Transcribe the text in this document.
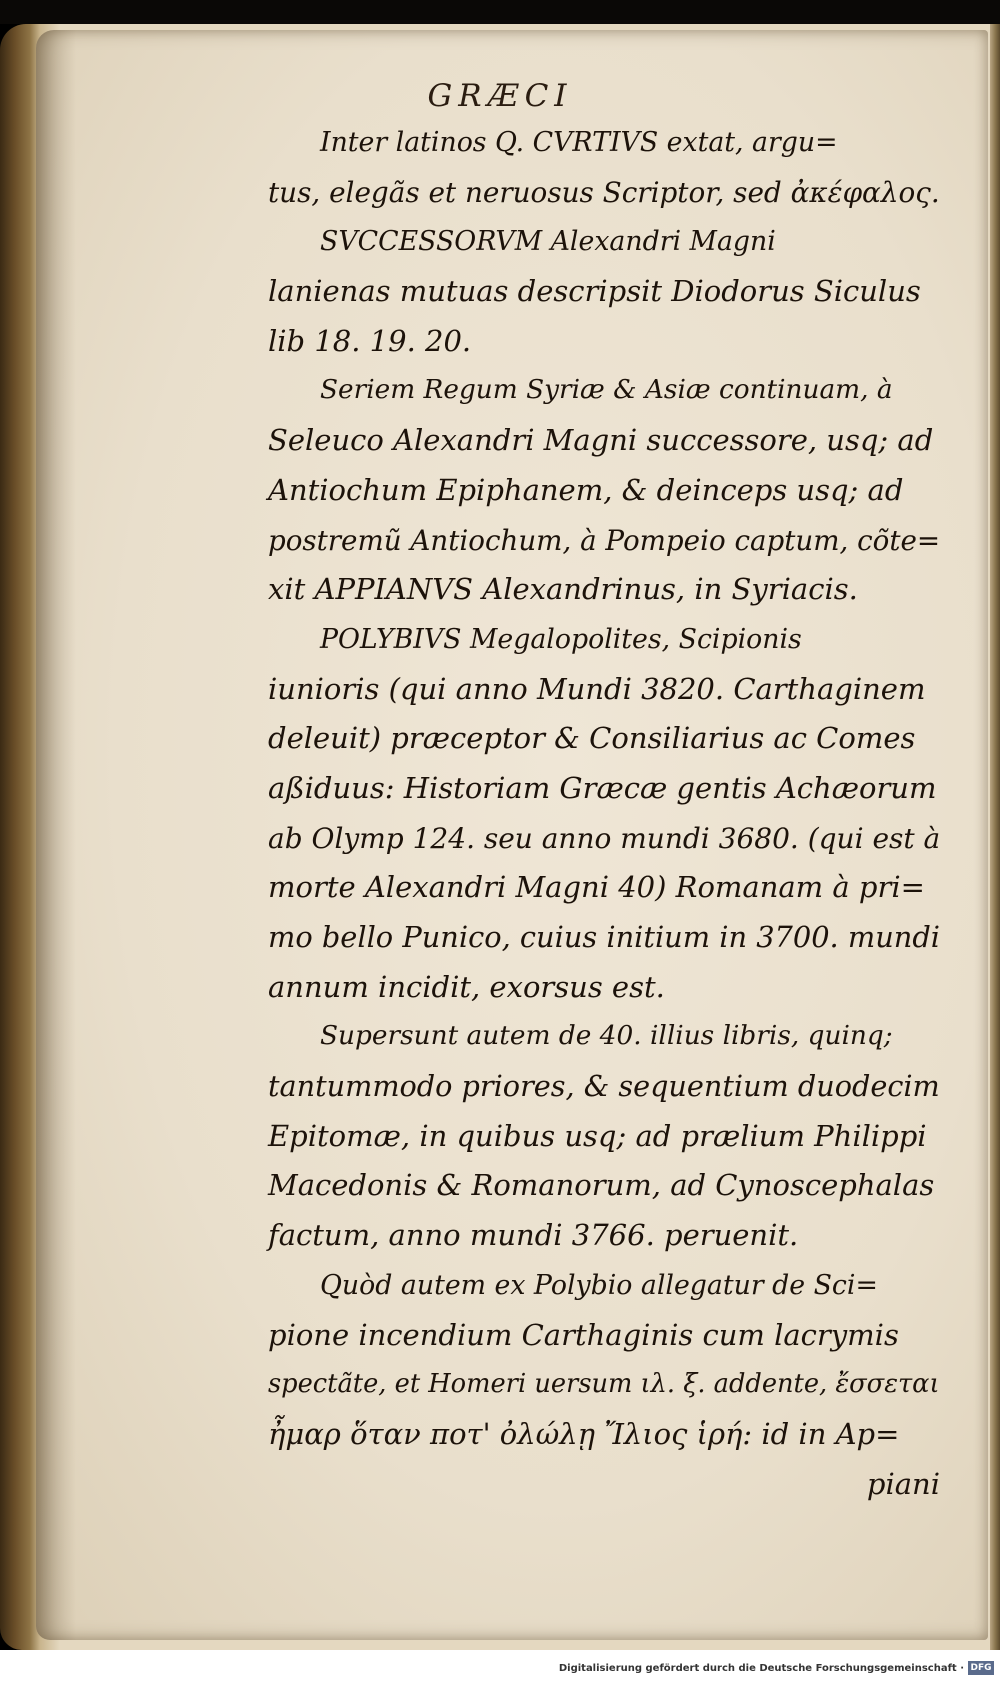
GRÆCI
Inter latinos Q. CVRTIVS extat, argu=
tus, elegãs et neruosus Scriptor, sed ἀκέφαλος.
SVCCESSORVM Alexandri Magni
lanienas mutuas descripsit Diodorus Siculus
lib 18. 19. 20.
Seriem Regum Syriæ & Asiæ continuam, à
Seleuco Alexandri Magni successore, usq; ad
Antiochum Epiphanem, & deinceps usq; ad
postremũ Antiochum, à Pompeio captum, cõte=
xit APPIANVS Alexandrinus, in Syriacis.
POLYBIVS Megalopolites, Scipionis
iunioris (qui anno Mundi 3820. Carthaginem
deleuit) præceptor & Consiliarius ac Comes
aßiduus: Historiam Græcæ gentis Achæorum
ab Olymp 124. seu anno mundi 3680. (qui est à
morte Alexandri Magni 40) Romanam à pri=
mo bello Punico, cuius initium in 3700. mundi
annum incidit, exorsus est.
Supersunt autem de 40. illius libris, quinq;
tantummodo priores, & sequentium duodecim
Epitomæ, in quibus usq; ad prælium Philippi
Macedonis & Romanorum, ad Cynoscephalas
factum, anno mundi 3766. peruenit.
Quòd autem ex Polybio allegatur de Sci=
pione incendium Carthaginis cum lacrymis
spectãte, et Homeri uersum ιλ. ξ. addente, ἔσσεται
ἦμαρ ὅταν ποτ' ὀλώλῃ Ἴλιος ἱρή: id in Ap=
piani
Digitalisierung gefördert durch die Deutsche Forschungsgemeinschaft · DFG
